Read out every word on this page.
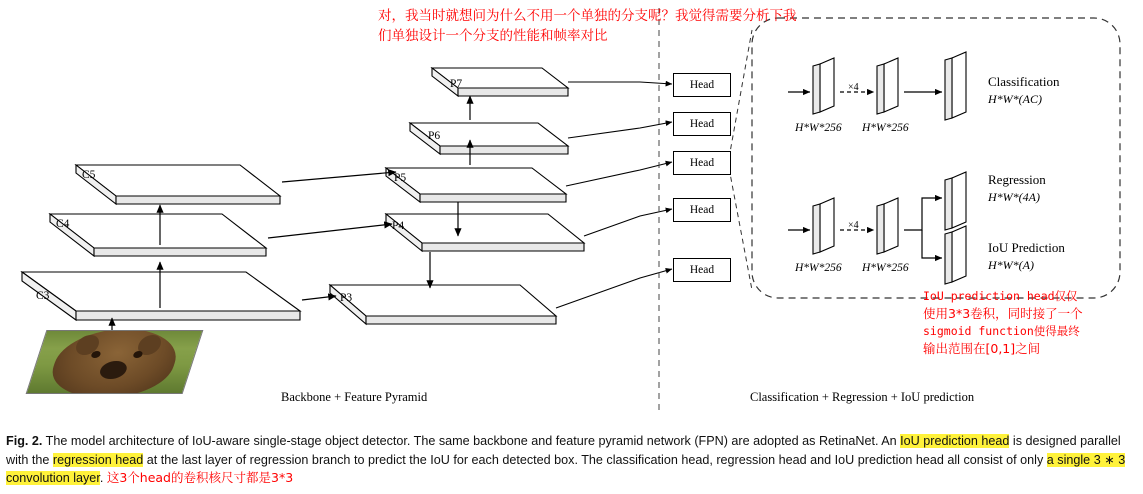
C5
C4
C3
P7
P6
P5
P4
P3
Head
Head
Head
Head
Head
×4
H*W*256 H*W*256
Classification
H*W*(AC)
×4
H*W*256 H*W*256
Regression
H*W*(4A)
IoU Prediction
H*W*(A)
Backbone + Feature Pyramid	Classification + Regression + IoU prediction
对，我当时就想问为什么不用一个单独的分支呢？我觉得需要分析下我们单独设计一个分支的性能和帧率对比
IoU prediction head仅仅
使用3*3卷积，同时接了一个
sigmoid function使得最终
输出范围在[0,1]之间
Fig. 2. The model architecture of IoU-aware single-stage object detector. The same backbone and feature pyramid network (FPN) are adopted as RetinaNet. An IoU prediction head is designed parallel with the regression head at the last layer of regression branch to predict the IoU for each detected box. The classification head, regression head and IoU prediction head all consist of only a single 3 ∗ 3 convolution layer. 这3个head的卷积核尺寸都是3*3
